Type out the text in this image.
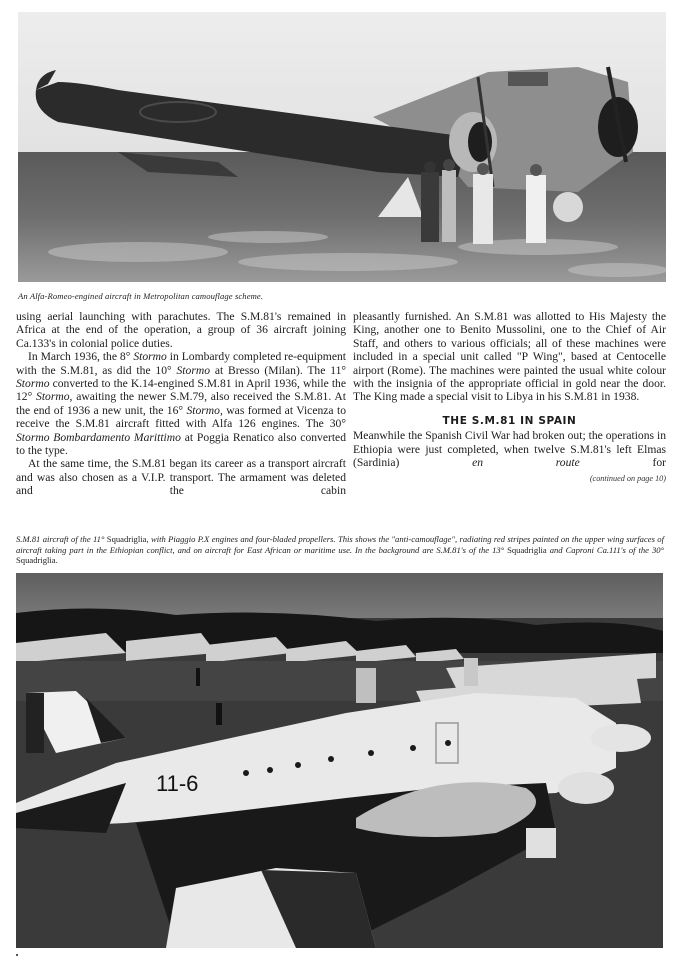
An Alfa-Romeo-engined aircraft in Metropolitan camouflage scheme.

using aerial launching with parachutes. The S.M.81's remained in Africa at the end of the operation, a group of 36 aircraft joining Ca.133's in colonial police duties.

In March 1936, the 8° Stormo in Lombardy completed re-equipment with the S.M.81, as did the 10° Stormo at Bresso (Milan). The 11° Stormo converted to the K.14-engined S.M.81 in April 1936, while the 12° Stormo, awaiting the newer S.M.79, also received the S.M.81. At the end of 1936 a new unit, the 16° Stormo, was formed at Vicenza to receive the S.M.81 aircraft fitted with Alfa 126 engines. The 30° Stormo Bombardamento Marittimo at Poggia Renatico also converted to the type.

At the same time, the S.M.81 began its career as a transport aircraft and was also chosen as a V.I.P. transport. The armament was deleted and the cabin

pleasantly furnished. An S.M.81 was allotted to His Majesty the King, another one to Benito Mussolini, one to the Chief of Air Staff, and others to various officials; all of these machines were included in a special unit called "P Wing", based at Centocelle airport (Rome). The machines were painted the usual white colour with the insignia of the appropriate official in gold near the door. The King made a special visit to Libya in his S.M.81 in 1938.

THE S.M.81 IN SPAIN

Meanwhile the Spanish Civil War had broken out; the operations in Ethiopia were just completed, when twelve S.M.81's left Elmas (Sardinia) en route for

(continued on page 10)
S.M.81 aircraft of the 11° Squadriglia, with Piaggio P.X engines and four-bladed propellers. This shows the "anti-camouflage", radiating red stripes painted on the upper wing surfaces of aircraft taking part in the Ethiopian conflict, and on aircraft for East African or maritime use. In the background are S.M.81's of the 13° Squadriglia and Caproni Ca.111's of the 30° Squadriglia.
11-6
